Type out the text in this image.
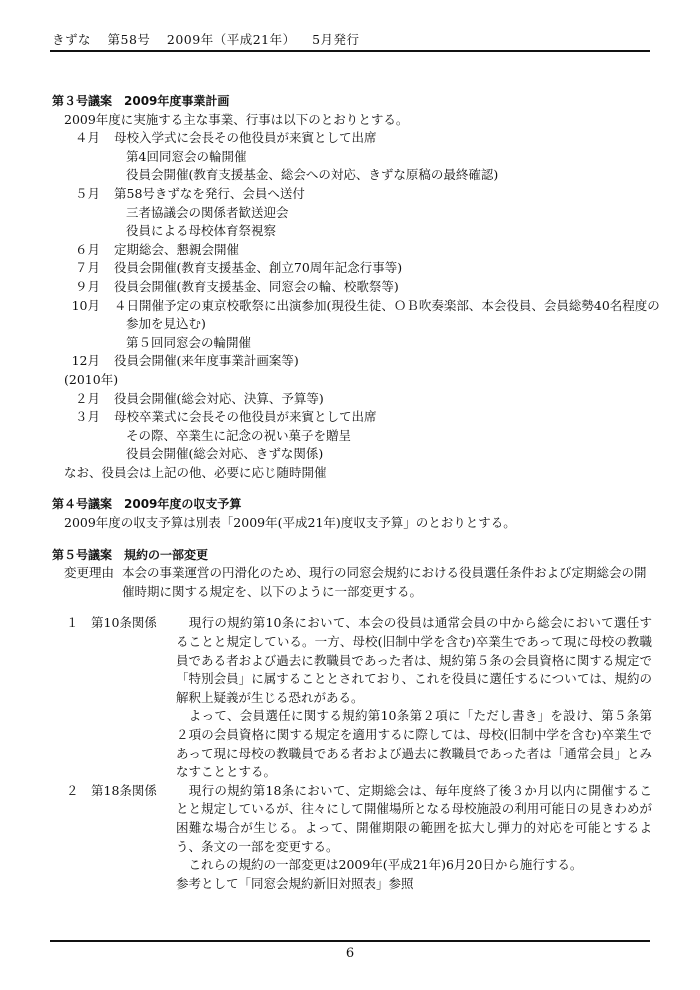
きずな 第58号 2009年（平成21年） 5月発行
第３号議案　2009年度事業計画
2009年度に実施する主な事業、行事は以下のとおりとする。
４月 母校入学式に会長その他役員が来賓として出席
第4回同窓会の輪開催
役員会開催(教育支援基金、総会への対応、きずな原稿の最終確認)
５月 第58号きずなを発行、会員へ送付
三者協議会の関係者歓送迎会
役員による母校体育祭視察
６月 定期総会、懇親会開催
７月 役員会開催(教育支援基金、創立70周年記念行事等)
９月 役員会開催(教育支援基金、同窓会の輪、校歌祭等)
10月 ４日開催予定の東京校歌祭に出演参加(現役生徒、ＯＢ吹奏楽部、本会役員、会員総勢40名程度の
参加を見込む)
第５回同窓会の輪開催
12月 役員会開催(来年度事業計画案等)
(2010年)
２月 役員会開催(総会対応、決算、予算等)
３月 母校卒業式に会長その他役員が来賓として出席
その際、卒業生に記念の祝い菓子を贈呈
役員会開催(総会対応、きずな関係)
なお、役員会は上記の他、必要に応じ随時開催
第４号議案　2009年度の収支予算
2009年度の収支予算は別表「2009年(平成21年)度収支予算」のとおりとする。
第５号議案　規約の一部変更
変更理由 本会の事業運営の円滑化のため、現行の同窓会規約における役員選任条件および定期総会の開催時期に関する規定を、以下のように一部変更する。
１　第10条関係	　現行の規約第10条において、本会の役員は通常会員の中から総会において選任することと規定している。一方、母校(旧制中学を含む)卒業生であって現に母校の教職員である者および過去に教職員であった者は、規約第５条の会員資格に関する規定で「特別会員」に属することとされており、これを役員に選任するについては、規約の解釈上疑義が生じる恐れがある。
　よって、会員選任に関する規約第10条第２項に「ただし書き」を設け、第５条第２項の会員資格に関する規定を適用するに際しては、母校(旧制中学を含む)卒業生であって現に母校の教職員である者および過去に教職員であった者は「通常会員」とみなすこととする。
２　第18条関係	　現行の規約第18条において、定期総会は、毎年度終了後３か月以内に開催することと規定しているが、往々にして開催場所となる母校施設の利用可能日の見きわめが困難な場合が生じる。よって、開催期限の範囲を拡大し弾力的対応を可能とするよう、条文の一部を変更する。
　これらの規約の一部変更は2009年(平成21年)6月20日から施行する。
参考として「同窓会規約新旧対照表」参照
6
